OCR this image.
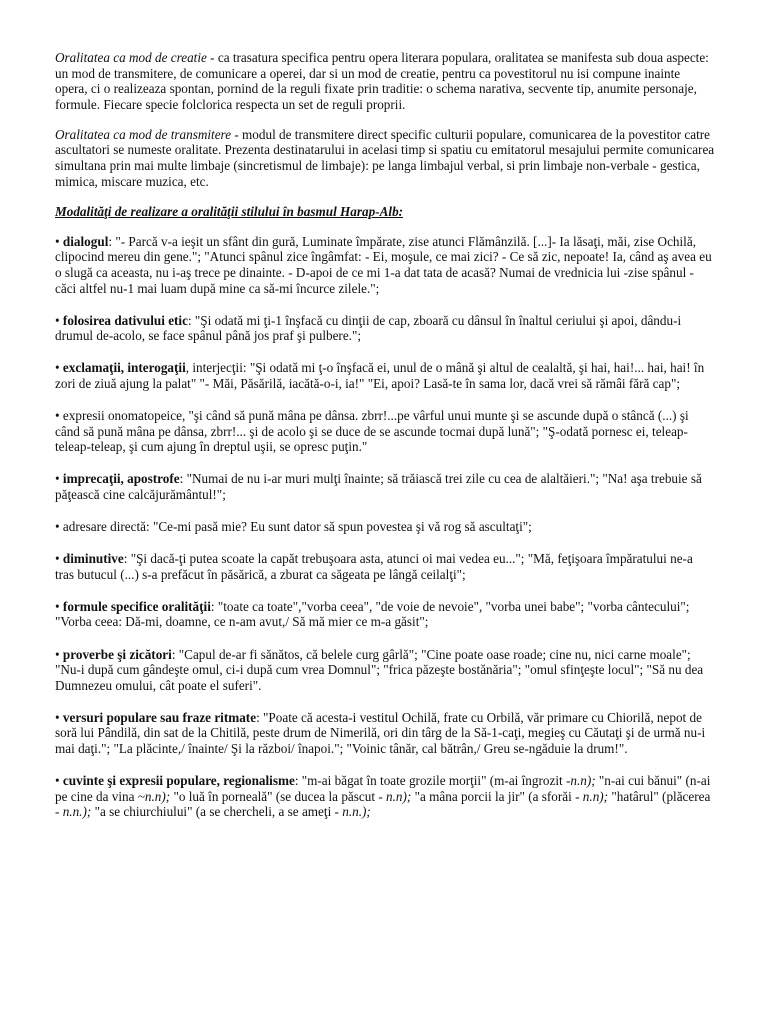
Oralitatea ca mod de creatie - ca trasatura specifica pentru opera literara populara, oralitatea se manifesta sub doua aspecte: un mod de transmitere, de comunicare a operei, dar si un mod de creatie, pentru ca povestitorul nu isi compune inainte opera, ci o realizeaza spontan, pornind de la reguli fixate prin traditie: o schema narativa, secvente tip, anumite personaje, formule. Fiecare specie folclorica respecta un set de reguli proprii.

Oralitatea ca mod de transmitere - modul de transmitere direct specific culturii populare, comunicarea de la povestitor catre ascultatori se numeste oralitate. Prezenta destinatarului in acelasi timp si spatiu cu emitatorul mesajului permite comunicarea simultana prin mai multe limbaje (sincretismul de limbaje): pe langa limbajul verbal, si prin limbaje non-verbale - gestica, mimica, miscare muzica, etc.

Modalităţi de realizare a oralităţii stilului în basmul Harap-Alb:

• dialogul: "- Parcă v-a ieşit un sfânt din gură, Luminate împărate, zise atunci Flămânzilă. [...]- Ia lăsaţi, măi, zise Ochilă, clipocind mereu din gene."; "Atunci spânul zice îngâmfat: - Ei, moşule, ce mai zici? - Ce să zic, nepoate! Ia, când aş avea eu o slugă ca aceasta, nu i-aş trece pe dinainte. - D-apoi de ce mi 1-a dat tata de acasă? Numai de vrednicia lui -zise spânul - căci altfel nu-1 mai luam după mine ca să-mi încurce zilele.";

• folosirea dativului etic: "Şi odată mi ţi-1 înşfacă cu dinţii de cap, zboară cu dânsul în înaltul ceriului şi apoi, dându-i drumul de-acolo, se face spânul până jos praf şi pulbere.";

• exclamaţii, interogaţii, interjecţii: "Şi odată mi ţ-o înşfacă ei, unul de o mână şi altul de cealaltă, şi hai, hai!... hai, hai! în zori de ziuă ajung la palat" "- Măi, Păsărilă, iacătă-o-i, ia!" "Ei, apoi? Lasă-te în sama lor, dacă vrei să rămâi fără cap";

• expresii onomatopeice, "şi când să pună mâna pe dânsa. zbrr!...pe vârful unui munte şi se ascunde după o stâncă (...) şi când să pună mâna pe dânsa, zbrr!... şi de acolo şi se duce de se ascunde tocmai după lună"; "Ş-odată pornesc ei, teleap-teleap-teleap, şi cum ajung în dreptul uşii, se opresc puţin."

• imprecaţii, apostrofe: "Numai de nu i-ar muri mulţi înainte; să trăiască trei zile cu cea de alaltăieri."; "Na! aşa trebuie să păţească cine calcăjurământul!";

• adresare directă: "Ce-mi pasă mie? Eu sunt dator să spun povestea şi vă rog să ascultaţi";

• diminutive: "Şi dacă-ţi putea scoate la capăt trebuşoara asta, atunci oi mai vedea eu..."; "Mă, feţişoara împăratului ne-a tras butucul (...) s-a prefăcut în păsărică, a zburat ca săgeata pe lângă ceilalţi";

• formule specifice oralităţii: "toate ca toate","vorba ceea", "de voie de nevoie", "vorba unei babe"; "vorba cântecului"; "Vorba ceea: Dă-mi, doamne, ce n-am avut,/ Să mă mier ce m-a găsit";

• proverbe şi zicători: "Capul de-ar fi sănătos, că belele curg gârlă"; "Cine poate oase roade; cine nu, nici carne moale"; "Nu-i după cum gândeşte omul, ci-i după cum vrea Domnul"; "frica păzeşte bostănăria"; "omul sfinţeşte locul"; "Să nu dea Dumnezeu omului, cât poate el suferi".

• versuri populare sau fraze ritmate: "Poate că acesta-i vestitul Ochilă, frate cu Orbilă, văr primare cu Chiorilă, nepot de soră lui Pândilă, din sat de la Chitilă, peste drum de Nimerilă, ori din târg de la Să-1-caţi, megieş cu Căutaţi şi de urmă nu-i mai daţi."; "La plăcinte,/ înainte/ Şi la război/ înapoi."; "Voinic tânăr, cal bătrân,/ Greu se-ngăduie la drum!".

• cuvinte şi expresii populare, regionalisme: "m-ai băgat în toate grozile morţii" (m-ai îngrozit -n.n); "n-ai cui bănui" (n-ai pe cine da vina ~n.n); "o luă în porneală" (se ducea la păscut - n.n); "a mâna porcii la jir" (a sforăi - n.n); "hatârul" (plăcerea - n.n.); "a se chiurchiului" (a se chercheli, a se ameţi - n.n.);
